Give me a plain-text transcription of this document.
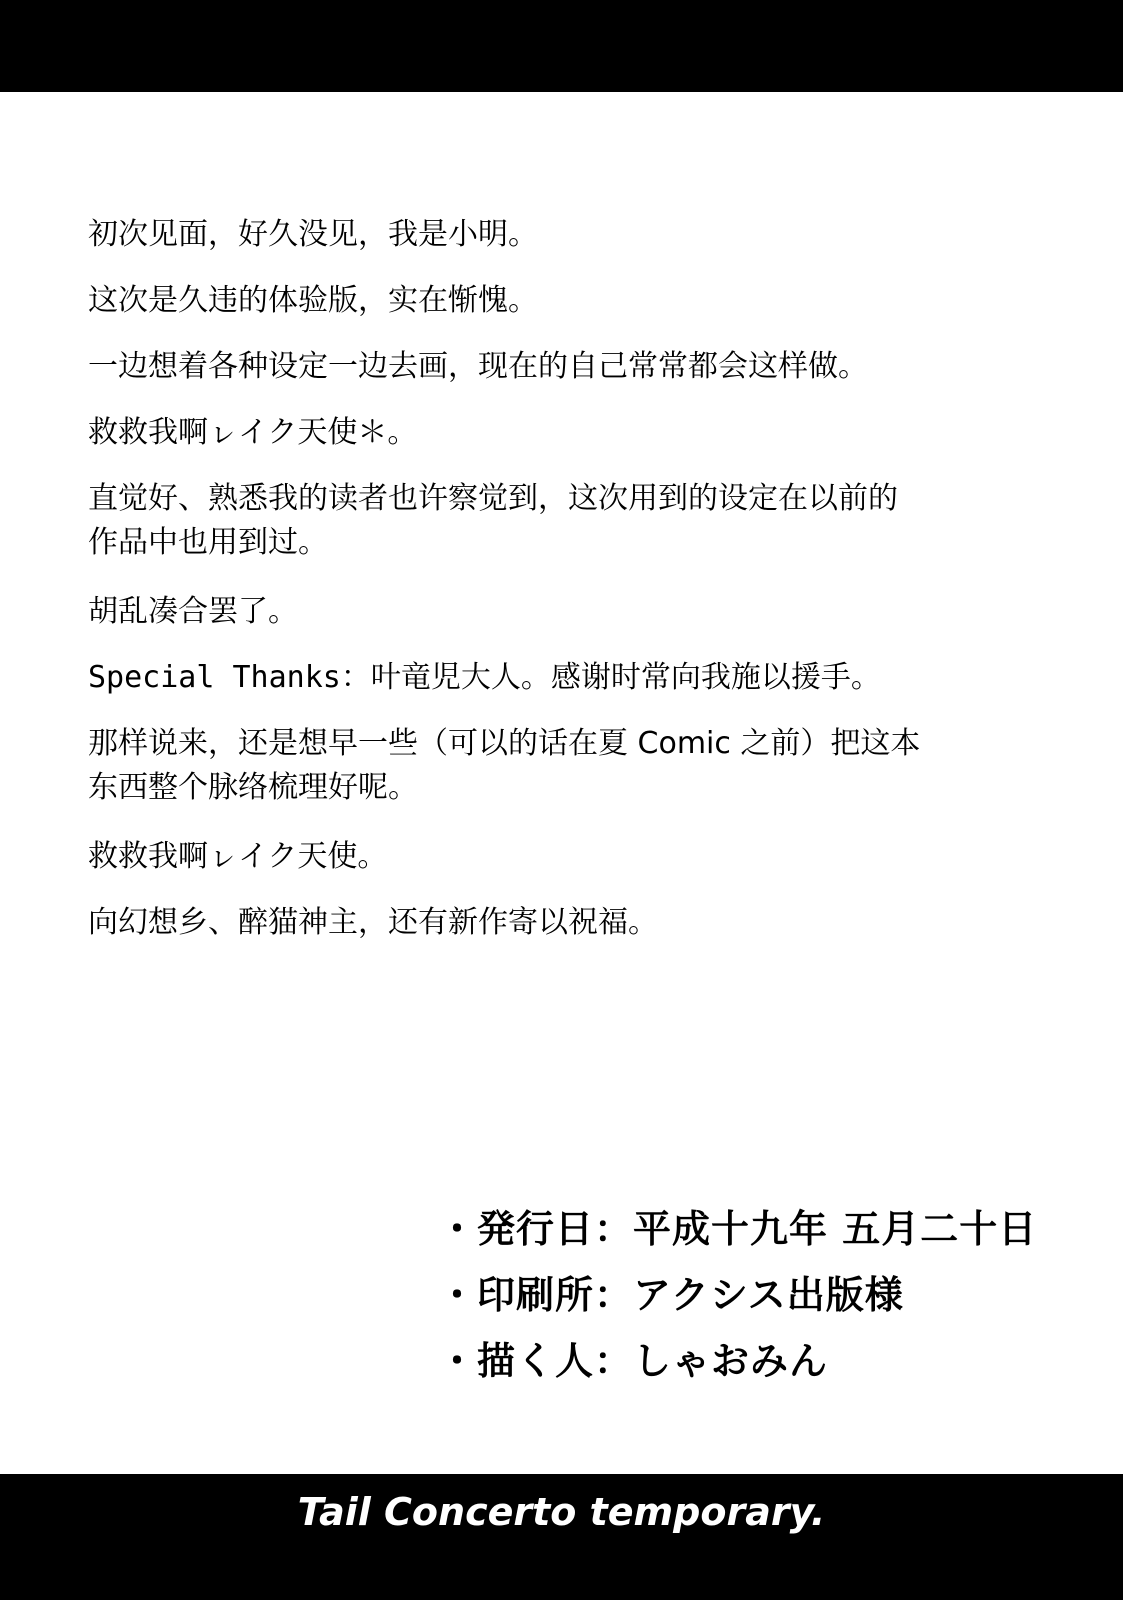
初次见面，好久没见，我是小明。

这次是久违的体验版，实在惭愧。

一边想着各种设定一边去画，现在的自己常常都会这样做。

救救我啊ㇾイク天使＊。

直觉好、熟悉我的读者也许察觉到，这次用到的设定在以前的

作品中也用到过。

胡乱凑合罢了。

Special Thanks：叶竜児大人。感谢时常向我施以援手。

那样说来，还是想早一些（可以的话在夏 Comic 之前）把这本

东西整个脉络梳理好呢。

救救我啊ㇾイク天使。

向幻想乡、醉猫神主，还有新作寄以祝福。

・発行日：平成十九年 五月二十日
・印刷所：アクシス出版様
・描く人：しゃおみん
Tail Concerto temporary.
